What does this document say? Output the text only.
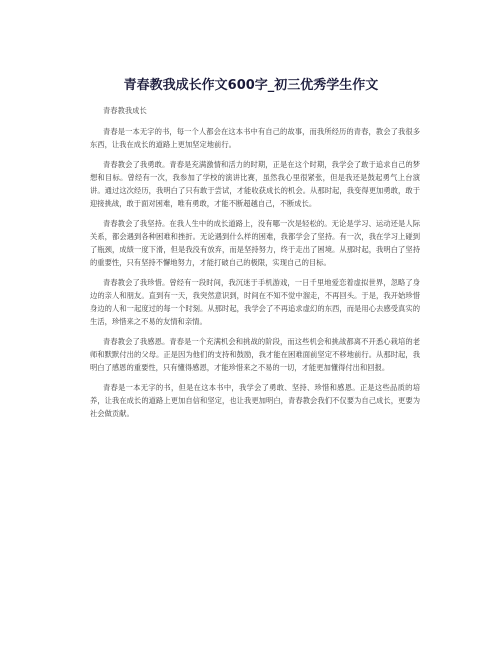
青春教我成长作文600字_初三优秀学生作文

青春教我成长

青春是一本无字的书，每一个人都会在这本书中有自己的故事，而我所经历的青春，教会了我很多东西，让我在成长的道路上更加坚定地前行。

青春教会了我勇敢。青春是充满激情和活力的时期，正是在这个时期，我学会了敢于追求自己的梦想和目标。曾经有一次，我参加了学校的演讲比赛，虽然我心里很紧张，但是我还是鼓起勇气上台演讲。通过这次经历，我明白了只有敢于尝试，才能收获成长的机会。从那时起，我变得更加勇敢，敢于迎接挑战，敢于面对困难，唯有勇敢，才能不断超越自己，不断成长。

青春教会了我坚持。在我人生中的成长道路上，没有哪一次是轻松的。无论是学习、运动还是人际关系，都会遇到各种困难和挫折。无论遇到什么样的困难，我都学会了坚持。有一次，我在学习上碰到了瓶颈，成绩一度下滑，但是我没有放弃，而是坚持努力，终于走出了困境。从那时起，我明白了坚持的重要性，只有坚持不懈地努力，才能打破自己的极限，实现自己的目标。

青春教会了我珍惜。曾经有一段时间，我沉迷于手机游戏，一日千里地爱恋着虚拟世界，忽略了身边的亲人和朋友。直到有一天，我突然意识到，时间在不知不觉中溜走，不再回头。于是，我开始珍惜身边的人和一起度过的每一个时刻。从那时起，我学会了不再追求虚幻的东西，而是用心去感受真实的生活，珍惜来之不易的友情和亲情。

青春教会了我感恩。青春是一个充满机会和挑战的阶段，而这些机会和挑战都离不开悉心栽培的老师和默默付出的父母。正是因为他们的支持和鼓励，我才能在困难面前坚定不移地前行。从那时起，我明白了感恩的重要性，只有懂得感恩，才能珍惜来之不易的一切，才能更加懂得付出和回报。

青春是一本无字的书，但是在这本书中，我学会了勇敢、坚持、珍惜和感恩。正是这些品质的培养，让我在成长的道路上更加自信和坚定，也让我更加明白，青春教会我们不仅要为自己成长，更要为社会做贡献。
